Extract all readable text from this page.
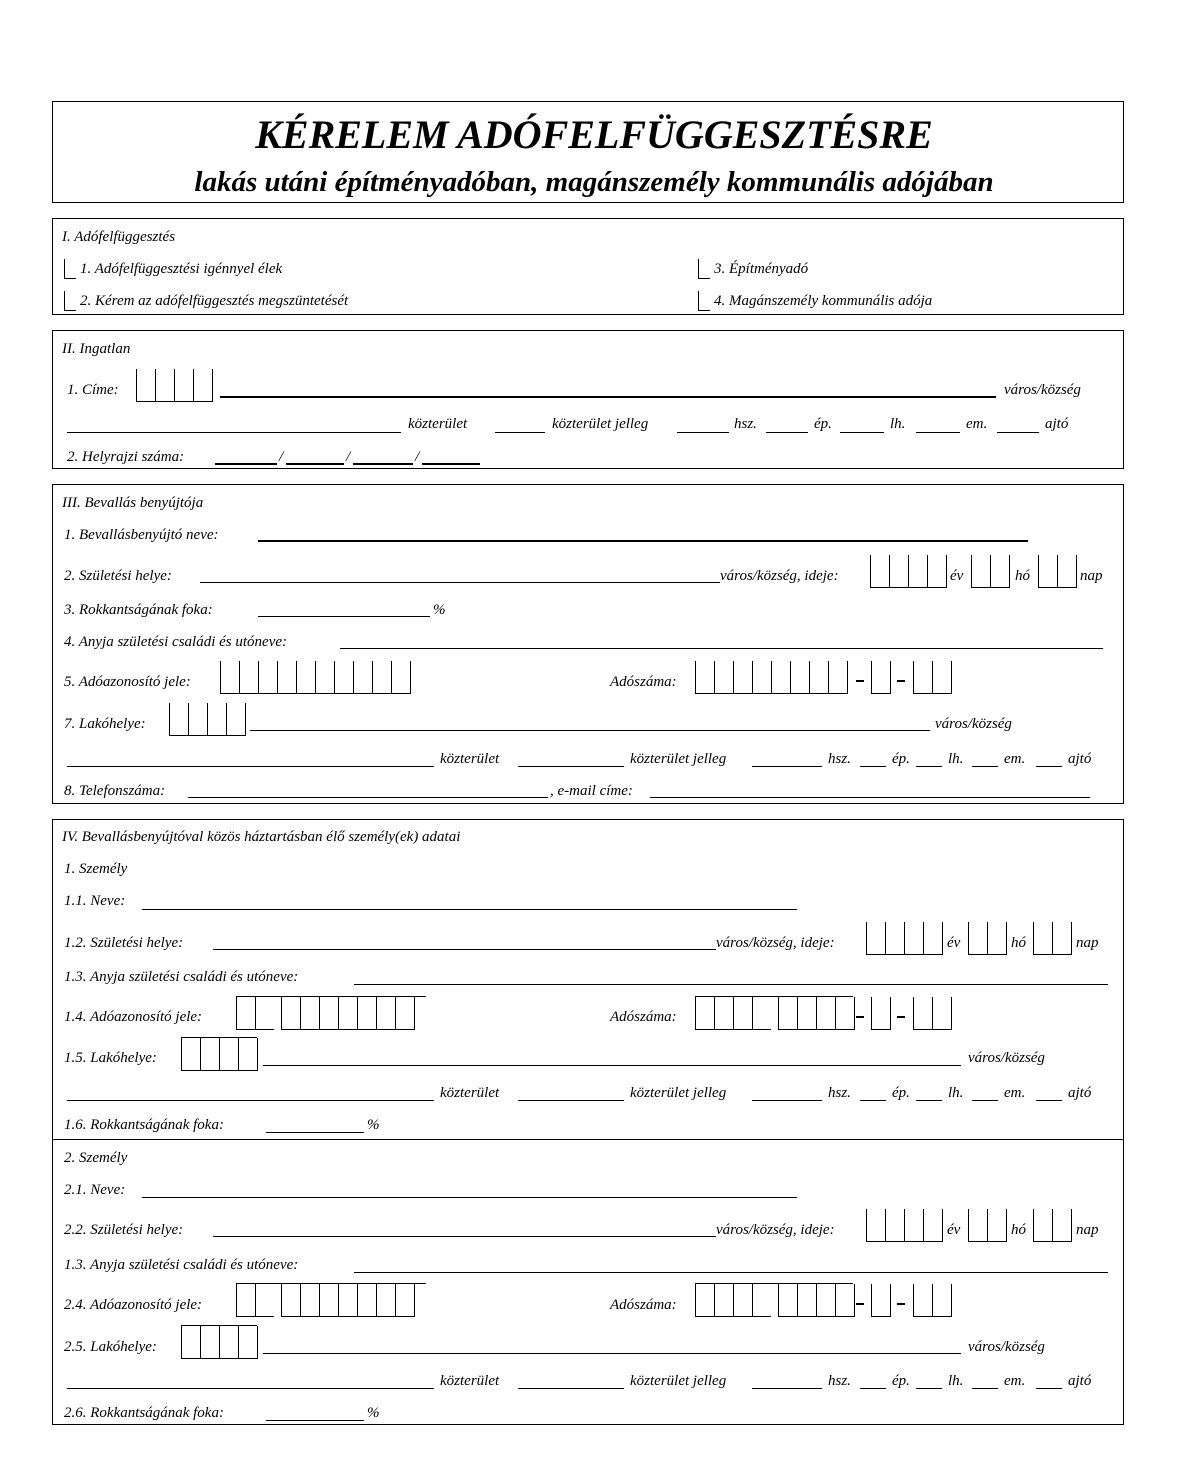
KÉRELEM ADÓFELFÜGGESZTÉSRE
lakás utáni építményadóban, magánszemély kommunális adójában
I. Adófelfüggesztés
1. Adófelfüggesztési igénnyel élek
2. Kérem az adófelfüggesztés megszüntetését
3. Építményadó
4. Magánszemély kommunális adója
II. Ingatlan
1. Címe:	város/község
közterület	közterület jelleg	hsz.	ép.	lh.	em.	ajtó
2. Helyrajzi száma:	/	/	/
III. Bevallás benyújtója
1. Bevallásbenyújtó neve:
2. Születési helye:	város/község, ideje:	év	hó	nap
3. Rokkantságának foka:	%
4. Anyja születési családi és utóneve:
5. Adóazonosító jele:	Adószáma:
7. Lakóhelye:	város/község
közterület	közterület jelleg	hsz.	ép.	lh.	em.	ajtó
8. Telefonszáma:	, e-mail címe:
IV. Bevallásbenyújtóval közös háztartásban élő személy(ek) adatai
1. Személy
1.1. Neve:
1.2. Születési helye:	város/község, ideje:	év	hó	nap
1.3. Anyja születési családi és utóneve:
1.4. Adóazonosító jele:	Adószáma:
1.5. Lakóhelye:	város/község
közterület	közterület jelleg	hsz.	ép.	lh.	em.	ajtó
1.6. Rokkantságának foka:	%
2. Személy
2.1. Neve:
2.2. Születési helye:	város/község, ideje:	év	hó	nap
1.3. Anyja születési családi és utóneve:
2.4. Adóazonosító jele:	Adószáma:
2.5. Lakóhelye:	város/község
közterület	közterület jelleg	hsz.	ép.	lh.	em.	ajtó
2.6. Rokkantságának foka:	%
